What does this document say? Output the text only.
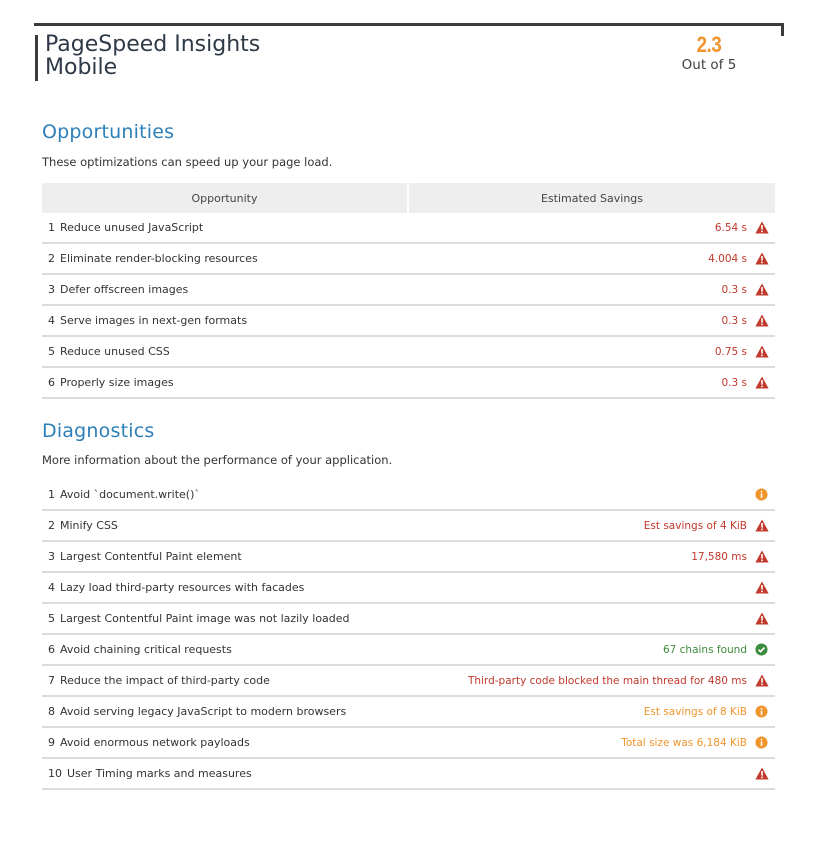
PageSpeed Insights
Mobile
2.3
Out of 5
Opportunities
These optimizations can speed up your page load.
Opportunity	Estimated Savings
1 Reduce unused JavaScript	6.54 s
2 Eliminate render-blocking resources	4.004 s
3 Defer offscreen images	0.3 s
4 Serve images in next-gen formats	0.3 s
5 Reduce unused CSS	0.75 s
6 Properly size images	0.3 s
Diagnostics
More information about the performance of your application.
1 Avoid `document.write()`
2 Minify CSS	Est savings of 4 KiB
3 Largest Contentful Paint element	17,580 ms
4 Lazy load third-party resources with facades
5 Largest Contentful Paint image was not lazily loaded
6 Avoid chaining critical requests	67 chains found
7 Reduce the impact of third-party code	Third-party code blocked the main thread for 480 ms
8 Avoid serving legacy JavaScript to modern browsers	Est savings of 8 KiB
9 Avoid enormous network payloads	Total size was 6,184 KiB
10 User Timing marks and measures
